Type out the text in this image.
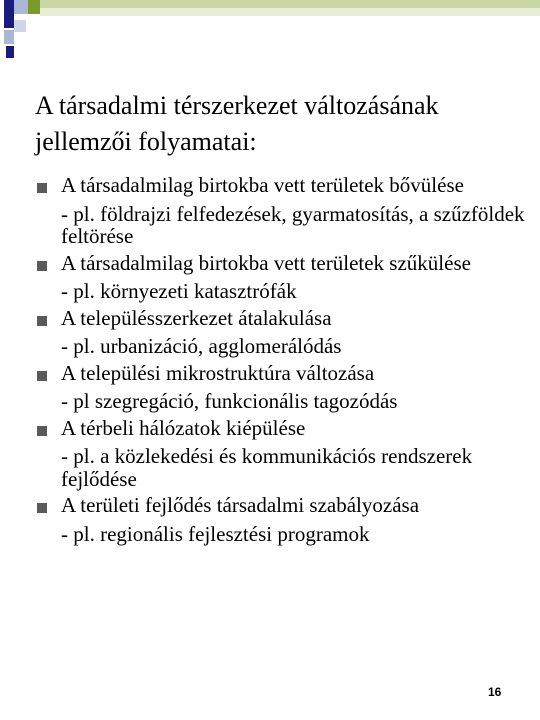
A társadalmi térszerkezet változásának jellemzői folyamatai:
A társadalmilag birtokba vett területek bővülése
- pl. földrajzi felfedezések, gyarmatosítás, a szűzföldek feltörése
A társadalmilag birtokba vett területek szűkülése
- pl. környezeti katasztrófák
A településszerkezet átalakulása
- pl. urbanizáció, agglomerálódás
A települési mikrostruktúra változása
- pl szegregáció, funkcionális tagozódás
A térbeli hálózatok kiépülése
- pl. a közlekedési és kommunikációs rendszerek fejlődése
A területi fejlődés társadalmi szabályozása
- pl. regionális fejlesztési programok
16
